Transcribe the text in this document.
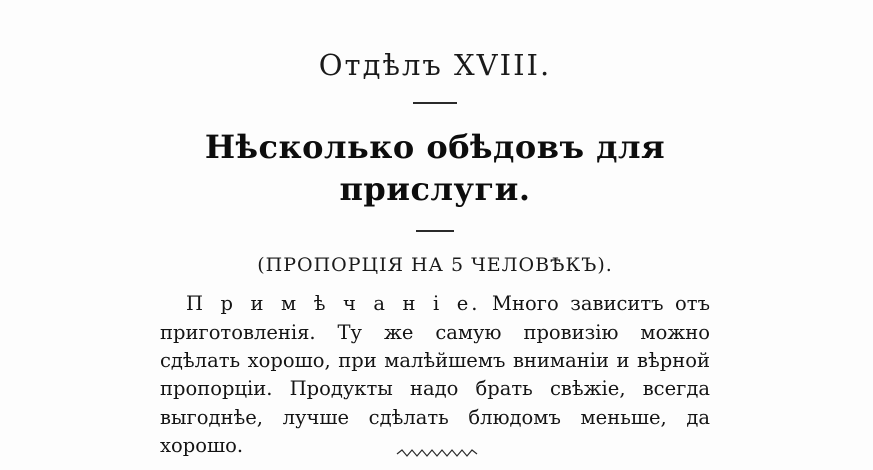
Отдѣлъ XVIII.
Нѣсколько обѣдовъ для прислуги.
(ПРОПОРЦІЯ НА 5 ЧЕЛОВѢКЪ).
П р и м ѣ ч а н і е. Много зависитъ отъ приготовленія. Ту же самую провизію можно сдѣлать хорошо, при малѣйшемъ вниманіи и вѣрной пропорціи. Продукты надо брать свѣжіе, всегда выгоднѣе, лучше сдѣлать блюдомъ меньше, да хорошо.
